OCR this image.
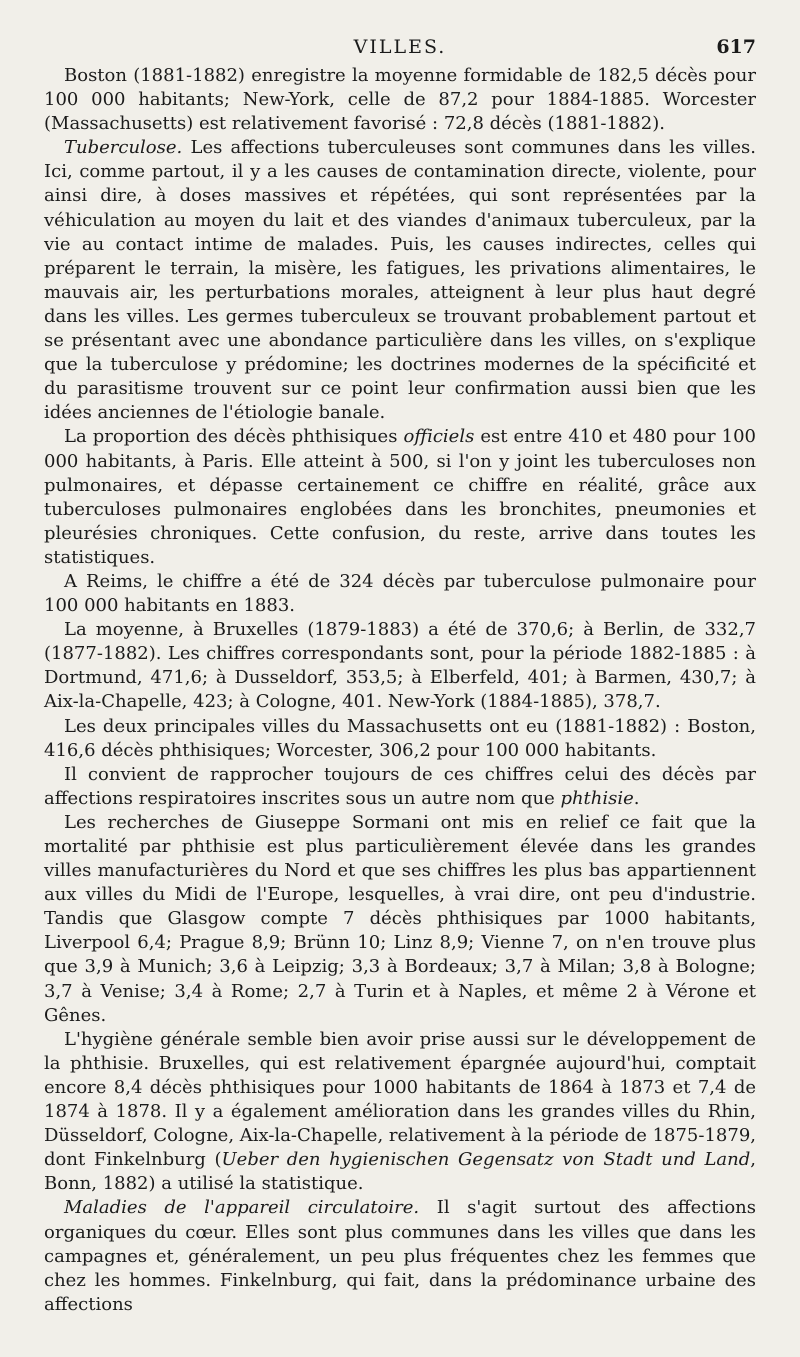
VILLES.	617

Boston (1881-1882) enregistre la moyenne formidable de 182,5 décès pour 100 000 habitants; New-York, celle de 87,2 pour 1884-1885. Worcester (Massachusetts) est relativement favorisé : 72,8 décès (1881-1882).

Tuberculose. Les affections tuberculeuses sont communes dans les villes. Ici, comme partout, il y a les causes de contamination directe, violente, pour ainsi dire, à doses massives et répétées, qui sont représentées par la véhiculation au moyen du lait et des viandes d'animaux tuberculeux, par la vie au contact intime de malades. Puis, les causes indirectes, celles qui préparent le terrain, la misère, les fatigues, les privations alimentaires, le mauvais air, les perturbations morales, atteignent à leur plus haut degré dans les villes. Les germes tuberculeux se trouvant probablement partout et se présentant avec une abondance particulière dans les villes, on s'explique que la tuberculose y prédomine; les doctrines modernes de la spécificité et du parasitisme trouvent sur ce point leur confirmation aussi bien que les idées anciennes de l'étiologie banale.

La proportion des décès phthisiques officiels est entre 410 et 480 pour 100 000 habitants, à Paris. Elle atteint à 500, si l'on y joint les tuberculoses non pulmonaires, et dépasse certainement ce chiffre en réalité, grâce aux tuberculoses pulmonaires englobées dans les bronchites, pneumonies et pleurésies chroniques. Cette confusion, du reste, arrive dans toutes les statistiques.

A Reims, le chiffre a été de 324 décès par tuberculose pulmonaire pour 100 000 habitants en 1883.

La moyenne, à Bruxelles (1879-1883) a été de 370,6; à Berlin, de 332,7 (1877-1882). Les chiffres correspondants sont, pour la période 1882-1885 : à Dortmund, 471,6; à Dusseldorf, 353,5; à Elberfeld, 401; à Barmen, 430,7; à Aix-la-Chapelle, 423; à Cologne, 401. New-York (1884-1885), 378,7.

Les deux principales villes du Massachusetts ont eu (1881-1882) : Boston, 416,6 décès phthisiques; Worcester, 306,2 pour 100 000 habitants.

Il convient de rapprocher toujours de ces chiffres celui des décès par affections respiratoires inscrites sous un autre nom que phthisie.

Les recherches de Giuseppe Sormani ont mis en relief ce fait que la mortalité par phthisie est plus particulièrement élevée dans les grandes villes manufacturières du Nord et que ses chiffres les plus bas appartiennent aux villes du Midi de l'Europe, lesquelles, à vrai dire, ont peu d'industrie. Tandis que Glasgow compte 7 décès phthisiques par 1000 habitants, Liverpool 6,4; Prague 8,9; Brünn 10; Linz 8,9; Vienne 7, on n'en trouve plus que 3,9 à Munich; 3,6 à Leipzig; 3,3 à Bordeaux; 3,7 à Milan; 3,8 à Bologne; 3,7 à Venise; 3,4 à Rome; 2,7 à Turin et à Naples, et même 2 à Vérone et Gênes.

L'hygiène générale semble bien avoir prise aussi sur le développement de la phthisie. Bruxelles, qui est relativement épargnée aujourd'hui, comptait encore 8,4 décès phthisiques pour 1000 habitants de 1864 à 1873 et 7,4 de 1874 à 1878. Il y a également amélioration dans les grandes villes du Rhin, Düsseldorf, Cologne, Aix-la-Chapelle, relativement à la période de 1875-1879, dont Finkelnburg (Ueber den hygienischen Gegensatz von Stadt und Land, Bonn, 1882) a utilisé la statistique.

Maladies de l'appareil circulatoire. Il s'agit surtout des affections organiques du cœur. Elles sont plus communes dans les villes que dans les campagnes et, généralement, un peu plus fréquentes chez les femmes que chez les hommes. Finkelnburg, qui fait, dans la prédominance urbaine des affections
